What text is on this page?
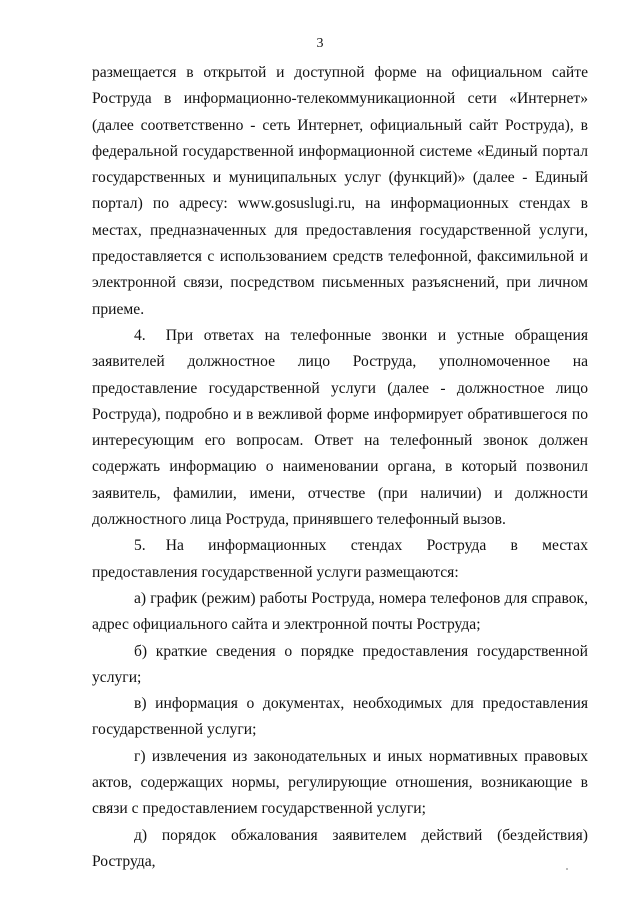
3

размещается в открытой и доступной форме на официальном сайте Роструда в информационно-телекоммуникационной сети «Интернет» (далее соответственно - сеть Интернет, официальный сайт Роструда), в федеральной государственной информационной системе «Единый портал государственных и муниципальных услуг (функций)» (далее - Единый портал) по адресу: www.gosuslugi.ru, на информационных стендах в местах, предназначенных для предоставления государственной услуги, предоставляется с использованием средств телефонной, факсимильной и электронной связи, посредством письменных разъяснений, при личном приеме.

4. При ответах на телефонные звонки и устные обращения заявителей должностное лицо Роструда, уполномоченное на предоставление государственной услуги (далее - должностное лицо Роструда), подробно и в вежливой форме информирует обратившегося по интересующим его вопросам. Ответ на телефонный звонок должен содержать информацию о наименовании органа, в который позвонил заявитель, фамилии, имени, отчестве (при наличии) и должности должностного лица Роструда, принявшего телефонный вызов.

5. На информационных стендах Роструда в местах предоставления государственной услуги размещаются:

а) график (режим) работы Роструда, номера телефонов для справок, адрес официального сайта и электронной почты Роструда;

б) краткие сведения о порядке предоставления государственной услуги;

в) информация о документах, необходимых для предоставления государственной услуги;

г) извлечения из законодательных и иных нормативных правовых актов, содержащих нормы, регулирующие отношения, возникающие в связи с предоставлением государственной услуги;

д) порядок обжалования заявителем действий (бездействия) Роструда,
